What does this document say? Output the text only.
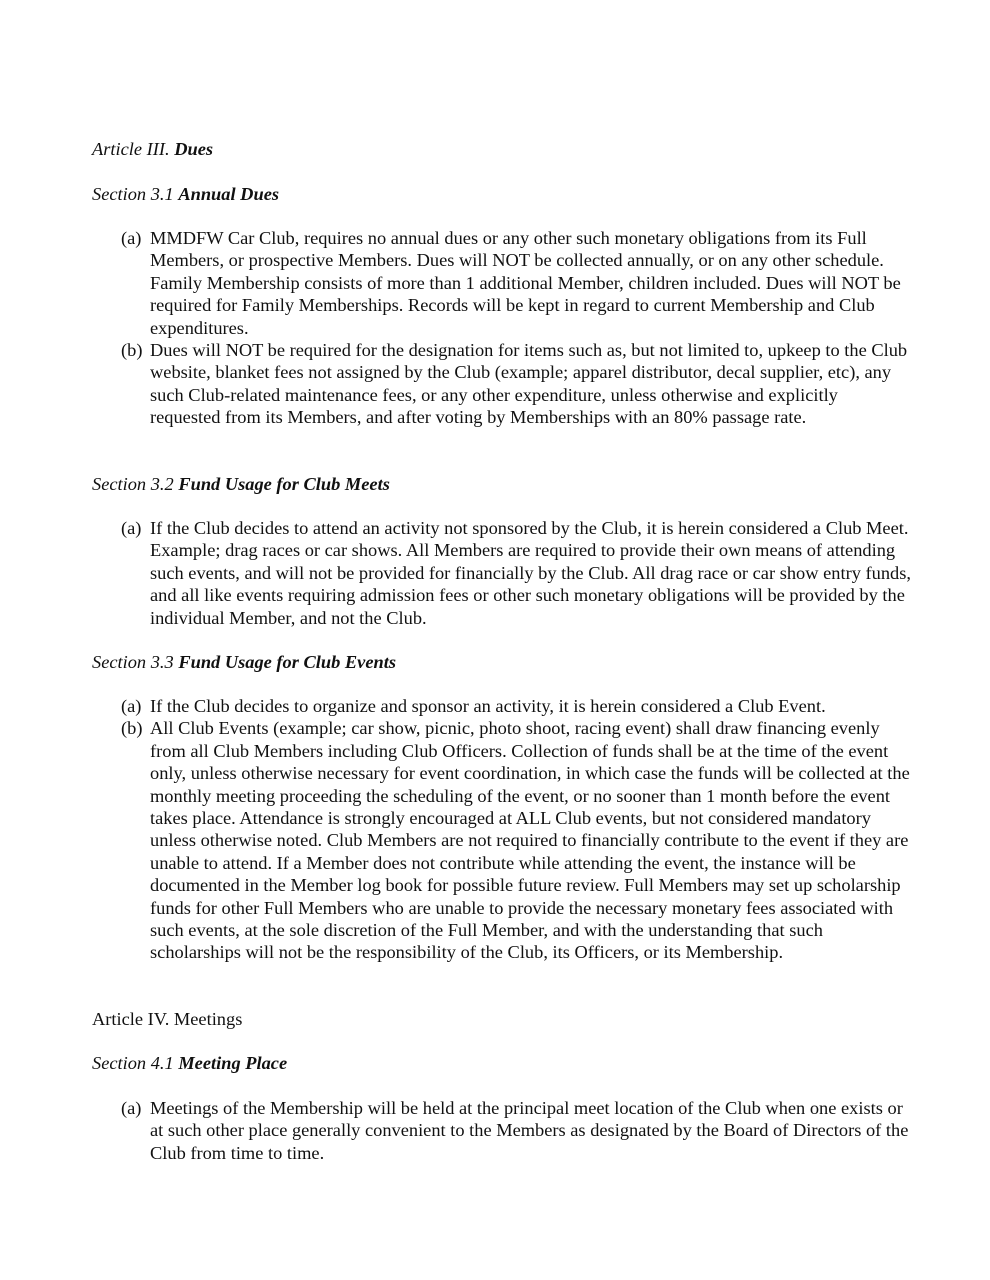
Article III. Dues
Section 3.1 Annual Dues
(a) MMDFW Car Club, requires no annual dues or any other such monetary obligations from its Full Members, or prospective Members. Dues will NOT be collected annually, or on any other schedule. Family Membership consists of more than 1 additional Member, children included. Dues will NOT be required for Family Memberships. Records will be kept in regard to current Membership and Club expenditures.
(b) Dues will NOT be required for the designation for items such as, but not limited to, upkeep to the Club website, blanket fees not assigned by the Club (example; apparel distributor, decal supplier, etc), any such Club-related maintenance fees, or any other expenditure, unless otherwise and explicitly requested from its Members, and after voting by Memberships with an 80% passage rate.
Section 3.2 Fund Usage for Club Meets
(a) If the Club decides to attend an activity not sponsored by the Club, it is herein considered a Club Meet. Example; drag races or car shows. All Members are required to provide their own means of attending such events, and will not be provided for financially by the Club. All drag race or car show entry funds, and all like events requiring admission fees or other such monetary obligations will be provided by the individual Member, and not the Club.
Section 3.3 Fund Usage for Club Events
(a) If the Club decides to organize and sponsor an activity, it is herein considered a Club Event.
(b) All Club Events (example; car show, picnic, photo shoot, racing event) shall draw financing evenly from all Club Members including Club Officers. Collection of funds shall be at the time of the event only, unless otherwise necessary for event coordination, in which case the funds will be collected at the monthly meeting proceeding the scheduling of the event, or no sooner than 1 month before the event takes place. Attendance is strongly encouraged at ALL Club events, but not considered mandatory unless otherwise noted. Club Members are not required to financially contribute to the event if they are unable to attend. If a Member does not contribute while attending the event, the instance will be documented in the Member log book for possible future review. Full Members may set up scholarship funds for other Full Members who are unable to provide the necessary monetary fees associated with such events, at the sole discretion of the Full Member, and with the understanding that such scholarships will not be the responsibility of the Club, its Officers, or its Membership.
Article IV. Meetings
Section 4.1 Meeting Place
(a) Meetings of the Membership will be held at the principal meet location of the Club when one exists or at such other place generally convenient to the Members as designated by the Board of Directors of the Club from time to time.
